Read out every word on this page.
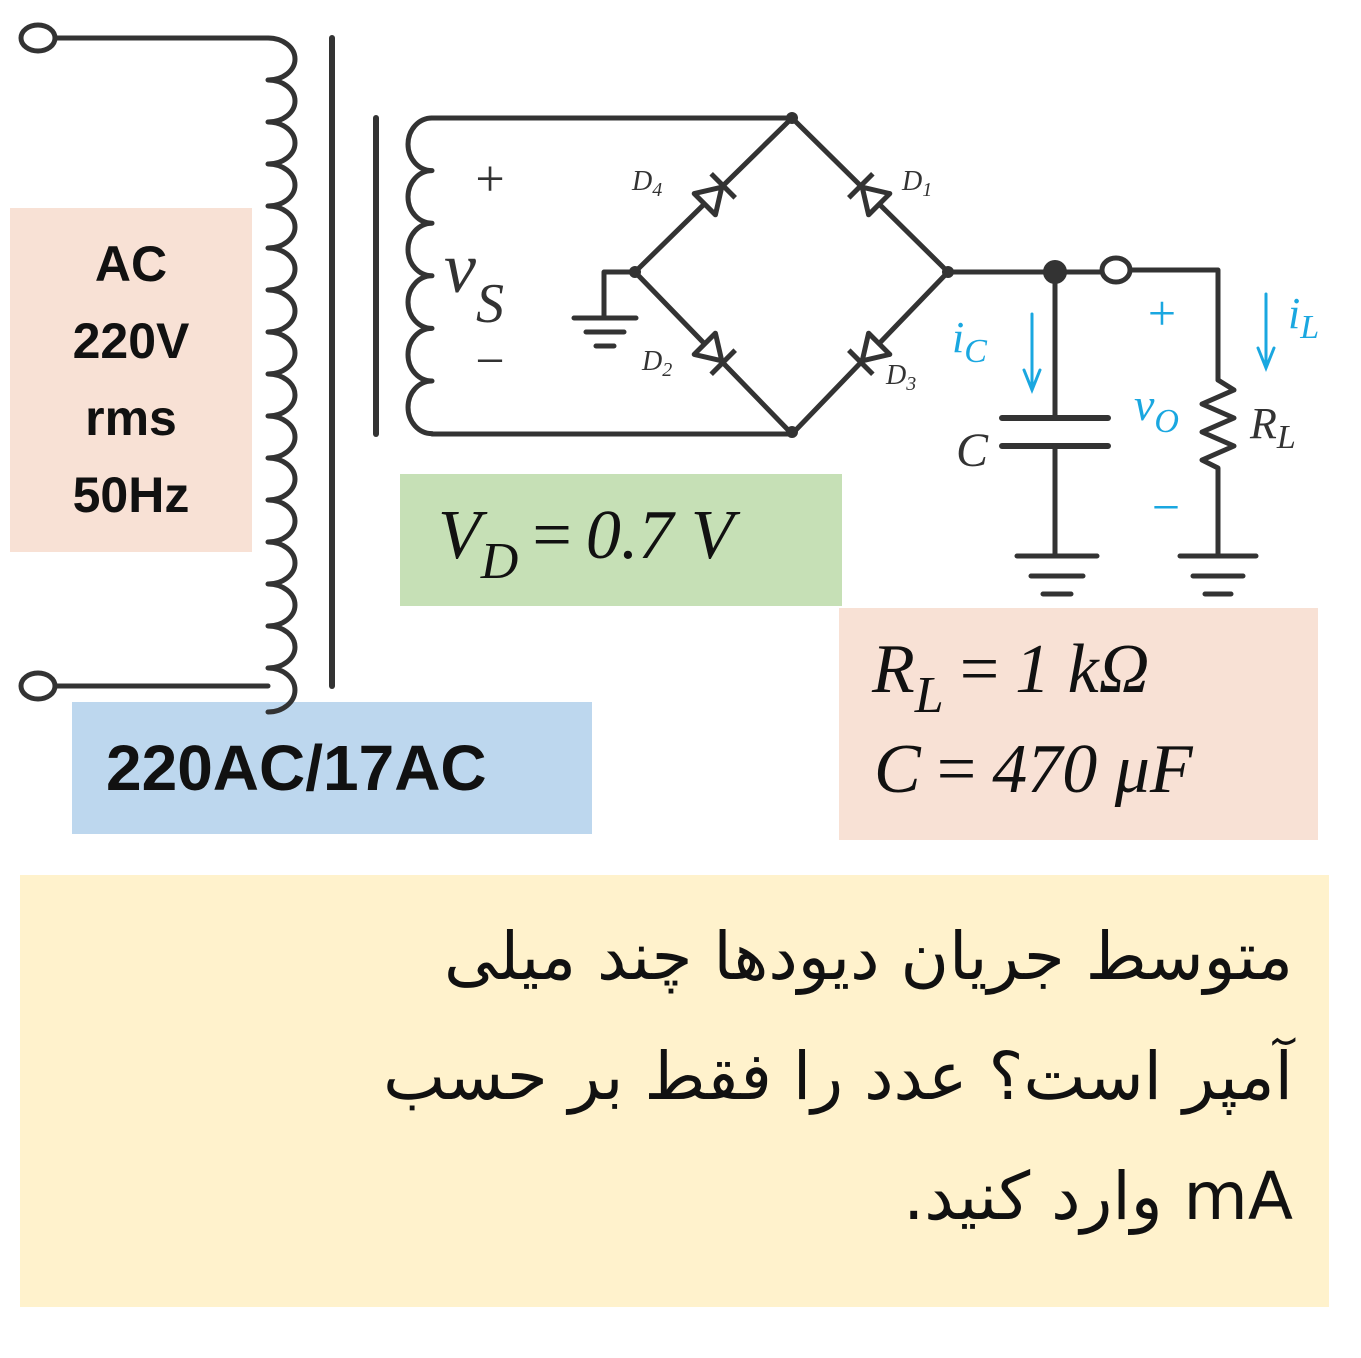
AC
220V
rms
50Hz
220AC/17AC
متوسط جریان دیودها چند میلی
آمپر است؟ عدد را فقط بر حسب
mA وارد کنید.
+
−
$v_S$
$D_4$	$D_1$
$D_2$	$D_3$
$i_C$
$i_L$
+
−
$v_O$
C
$R_L$
$V_D = 0.7$ V
$R_L = 1$ kΩ
C = 470 μF
